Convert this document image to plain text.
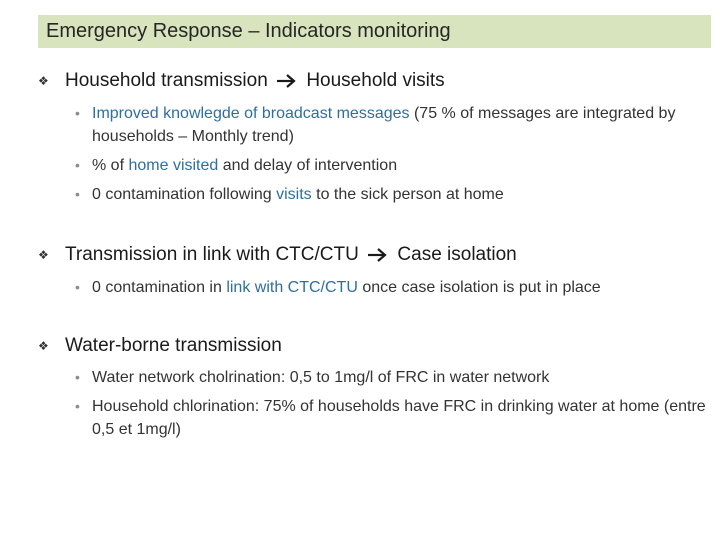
Emergency Response – Indicators monitoring
❖ Household transmission Household visits
• Improved knowlegde of broadcast messages (75 % of messages are integrated by households – Monthly trend)
• % of home visited and delay of intervention
• 0 contamination following visits to the sick person at home
❖ Transmission in link with CTC/CTU Case isolation
• 0 contamination in link with CTC/CTU once case isolation is put in place
❖ Water-borne transmission
• Water network cholrination: 0,5 to 1mg/l of FRC in water network
• Household chlorination: 75% of households have FRC in drinking water at home (entre 0,5 et 1mg/l)
